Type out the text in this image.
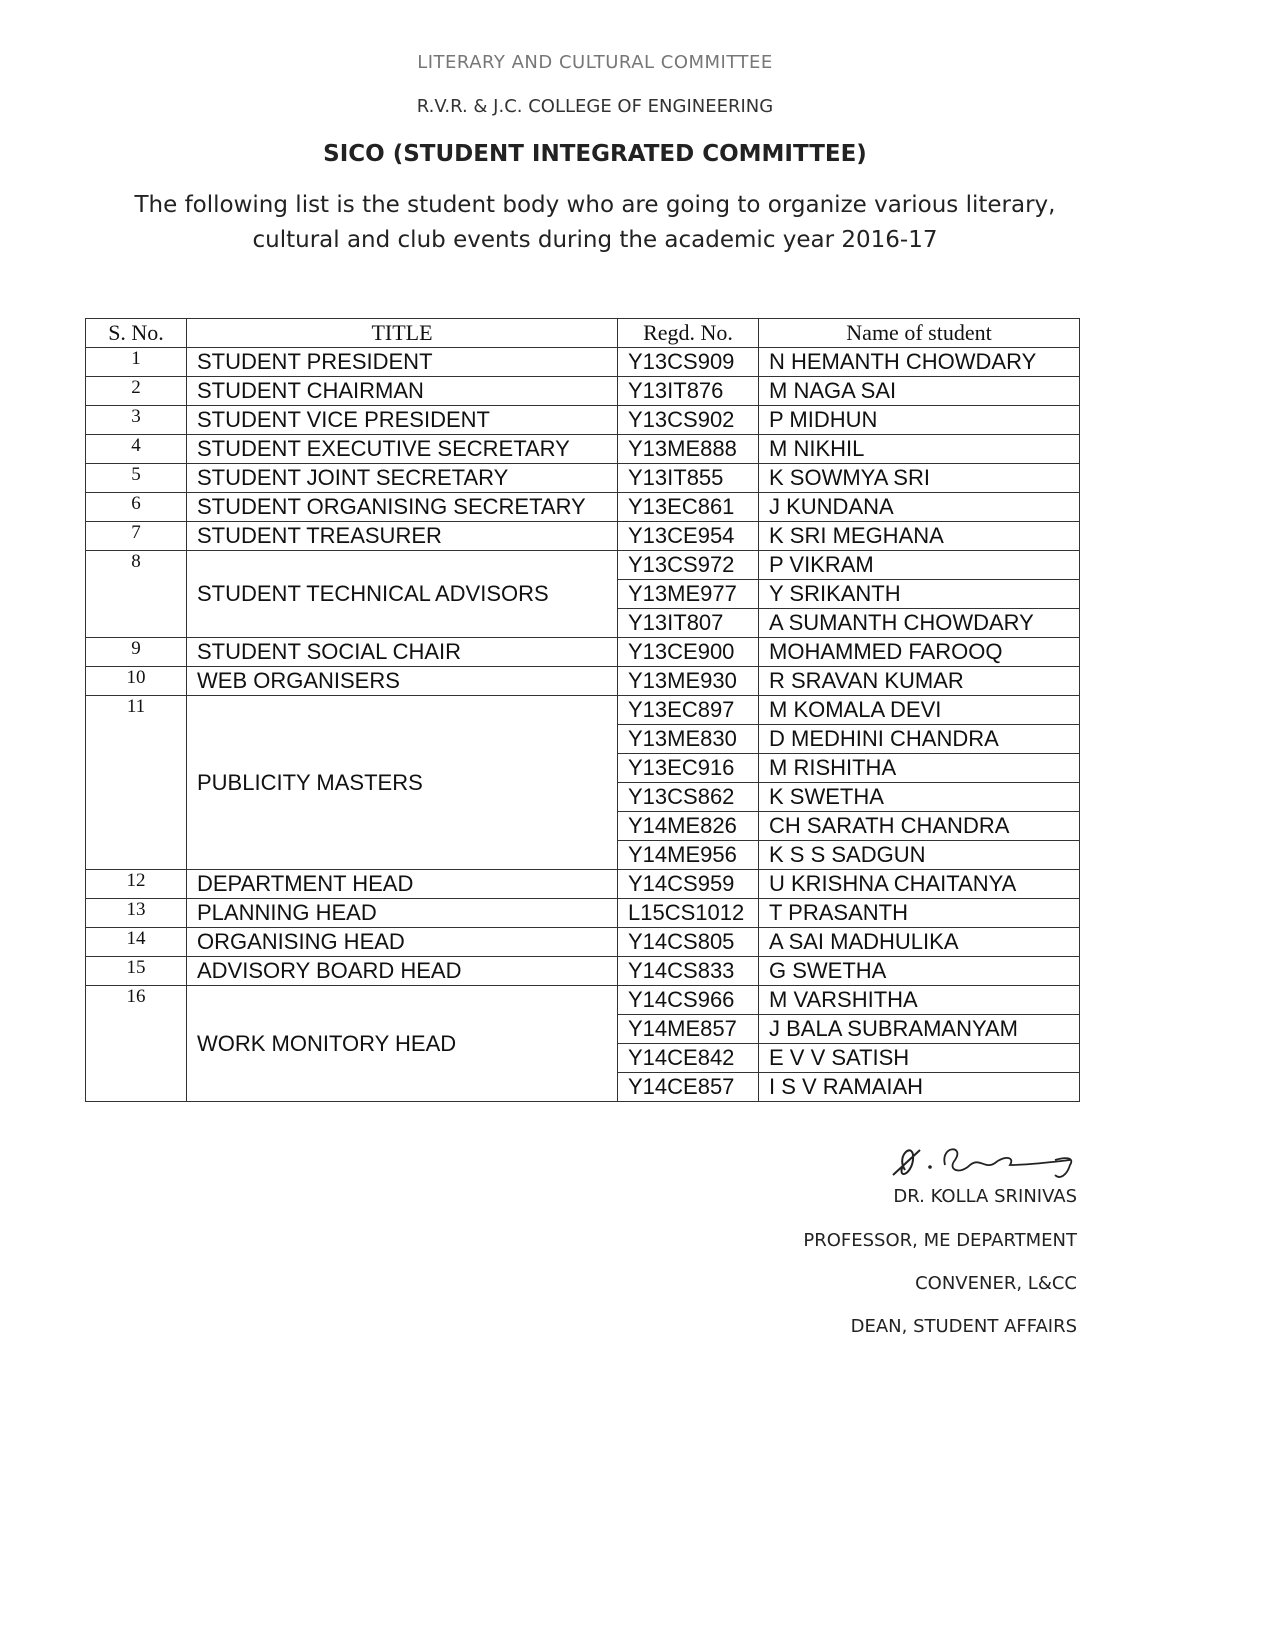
LITERARY AND CULTURAL COMMITTEE
R.V.R. & J.C. COLLEGE OF ENGINEERING
SICO (STUDENT INTEGRATED COMMITTEE)
The following list is the student body who are going to organize various literary,
cultural and club events during the academic year 2016-17
S. No.	TITLE	Regd. No.	Name of student
1	STUDENT PRESIDENT	Y13CS909	N HEMANTH CHOWDARY
2	STUDENT CHAIRMAN	Y13IT876	M NAGA SAI
3	STUDENT VICE PRESIDENT	Y13CS902	P MIDHUN
4	STUDENT EXECUTIVE SECRETARY	Y13ME888	M NIKHIL
5	STUDENT JOINT SECRETARY	Y13IT855	K SOWMYA SRI
6	STUDENT ORGANISING SECRETARY	Y13EC861	J KUNDANA
7	STUDENT TREASURER	Y13CE954	K SRI MEGHANA
8	STUDENT TECHNICAL ADVISORS	Y13CS972	P VIKRAM
		Y13ME977	Y SRIKANTH
		Y13IT807	A SUMANTH CHOWDARY
9	STUDENT SOCIAL CHAIR	Y13CE900	MOHAMMED FAROOQ
10	WEB ORGANISERS	Y13ME930	R SRAVAN KUMAR
11	PUBLICITY MASTERS	Y13EC897	M KOMALA DEVI
		Y13ME830	D MEDHINI CHANDRA
		Y13EC916	M RISHITHA
		Y13CS862	K SWETHA
		Y14ME826	CH SARATH CHANDRA
		Y14ME956	K S S SADGUN
12	DEPARTMENT HEAD	Y14CS959	U KRISHNA CHAITANYA
13	PLANNING HEAD	L15CS1012	T PRASANTH
14	ORGANISING HEAD	Y14CS805	A SAI MADHULIKA
15	ADVISORY BOARD HEAD	Y14CS833	G SWETHA
16	WORK MONITORY HEAD	Y14CS966	M VARSHITHA
		Y14ME857	J BALA SUBRAMANYAM
		Y14CE842	E V V SATISH
		Y14CE857	I S V RAMAIAH
DR. KOLLA SRINIVAS
PROFESSOR, ME DEPARTMENT
CONVENER, L&CC
DEAN, STUDENT AFFAIRS
